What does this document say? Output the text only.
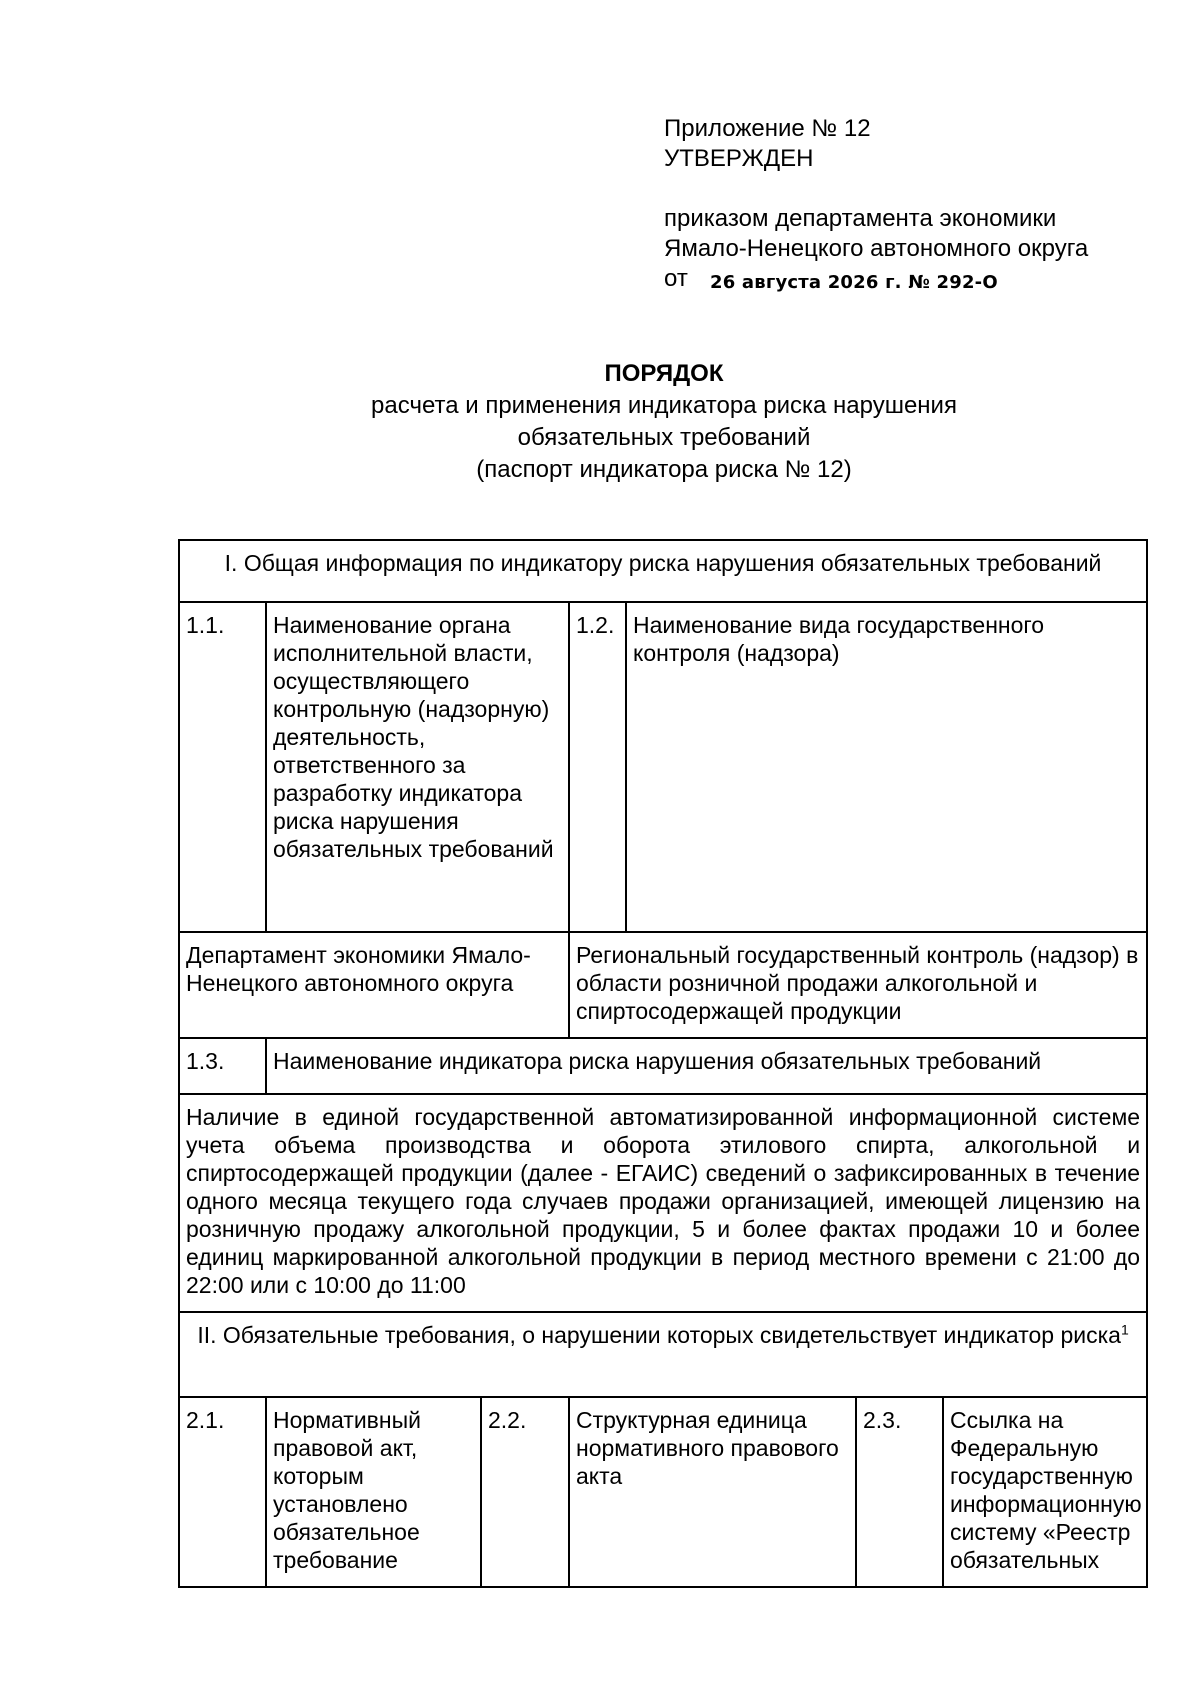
Приложение № 12
УТВЕРЖДЕН
приказом департамента экономики
Ямало-Ненецкого автономного округа
от 26 августа 2026 г. № 292-О
ПОРЯДОК
расчета и применения индикатора риска нарушения
обязательных требований
(паспорт индикатора риска № 12)
I. Общая информация по индикатору риска нарушения обязательных требований						
1.1.	Наименование органа исполнительной власти, осуществляющего контрольную (надзорную) деятельность, ответственного за разработку индикатора риска нарушения обязательных требований		1.2.	Наименование вида государственного контроля (надзора)		
Департамент экономики Ямало-Ненецкого автономного округа			Региональный государственный контроль (надзор) в области розничной продажи алкогольной и спиртосодержащей продукции			
1.3.	Наименование индикатора риска нарушения обязательных требований					
Наличие в единой государственной автоматизированной информационной системе учета объема производства и оборота этилового спирта, алкогольной и спиртосодержащей продукции (далее - ЕГАИС) сведений о зафиксированных в течение одного месяца текущего года случаев продажи организацией, имеющей лицензию на розничную продажу алкогольной продукции, 5 и более фактах продажи 10 и более единиц маркированной алкогольной продукции в период местного времени с 21:00 до 22:00 или с 10:00 до 11:00						
II. Обязательные требования, о нарушении которых свидетельствует индикатор риска$^1$
2.1.	Нормативный правовой акт, которым установлено обязательное требование	2.2.	Структурная единица нормативного правового акта		2.3.	Ссылка на Федеральную государственную информационную систему «Реестр обязательных
